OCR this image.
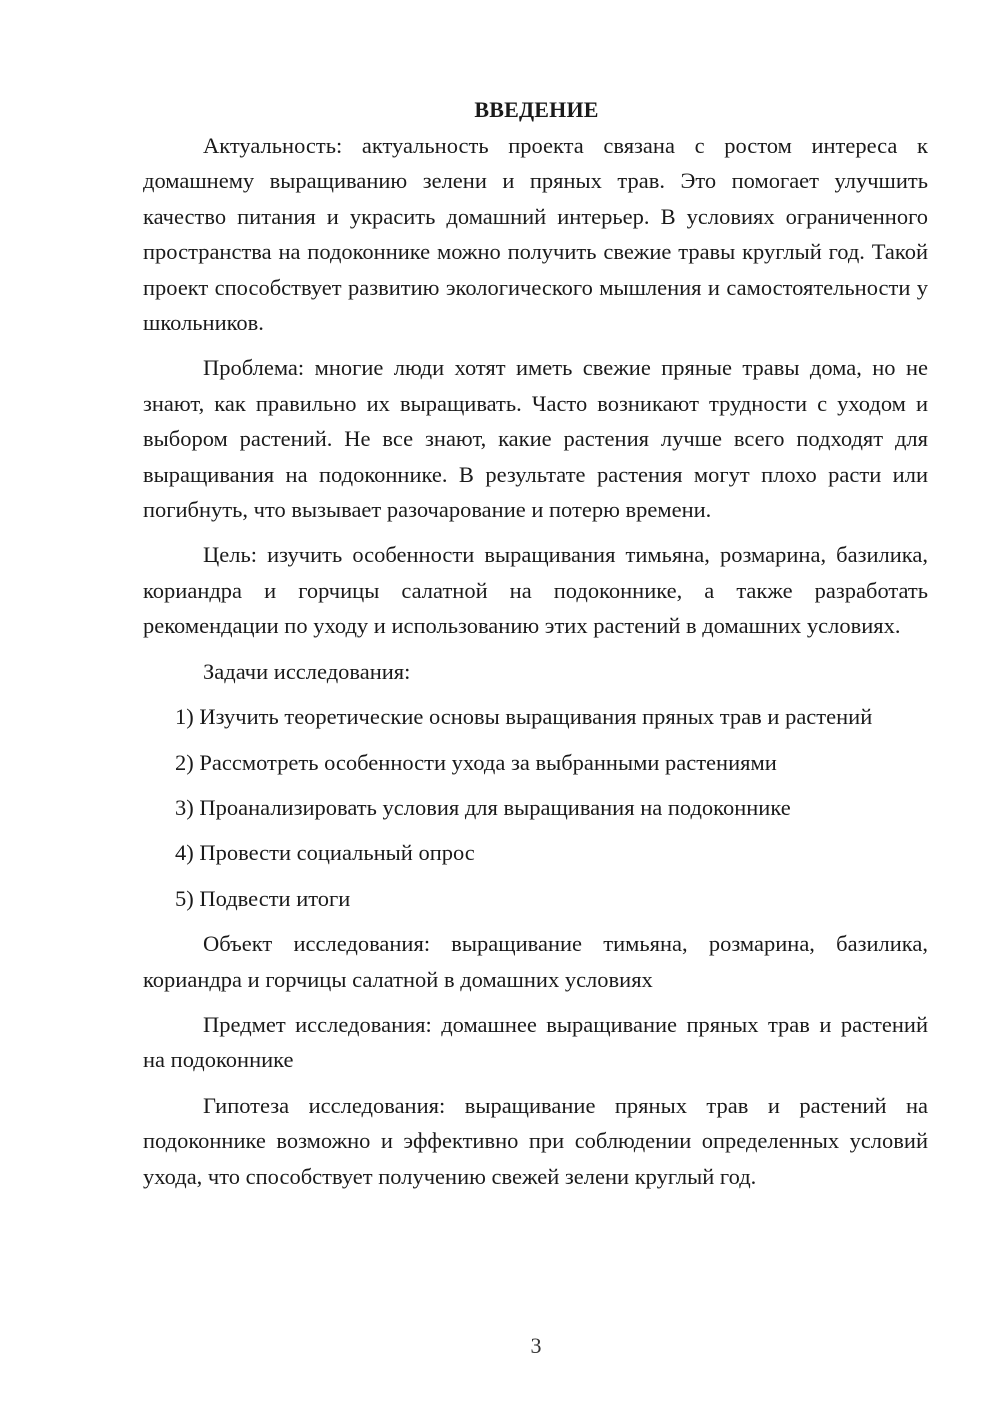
ВВЕДЕНИЕ

Актуальность: актуальность проекта связана с ростом интереса к домашнему выращиванию зелени и пряных трав. Это помогает улучшить качество питания и украсить домашний интерьер. В условиях ограниченного пространства на подоконнике можно получить свежие травы круглый год. Такой проект способствует развитию экологического мышления и самостоятельности у школьников.

Проблема: многие люди хотят иметь свежие пряные травы дома, но не знают, как правильно их выращивать. Часто возникают трудности с уходом и выбором растений. Не все знают, какие растения лучше всего подходят для выращивания на подоконнике. В результате растения могут плохо расти или погибнуть, что вызывает разочарование и потерю времени.

Цель: изучить особенности выращивания тимьяна, розмарина, базилика, кориандра и горчицы салатной на подоконнике, а также разработать рекомендации по уходу и использованию этих растений в домашних условиях.

Задачи исследования:

1) Изучить теоретические основы выращивания пряных трав и растений

2) Рассмотреть особенности ухода за выбранными растениями

3) Проанализировать условия для выращивания на подоконнике

4) Провести социальный опрос

5) Подвести итоги

Объект исследования: выращивание тимьяна, розмарина, базилика, кориандра и горчицы салатной в домашних условиях

Предмет исследования: домашнее выращивание пряных трав и растений на подоконнике

Гипотеза исследования: выращивание пряных трав и растений на подоконнике возможно и эффективно при соблюдении определенных условий ухода, что способствует получению свежей зелени круглый год.

3
